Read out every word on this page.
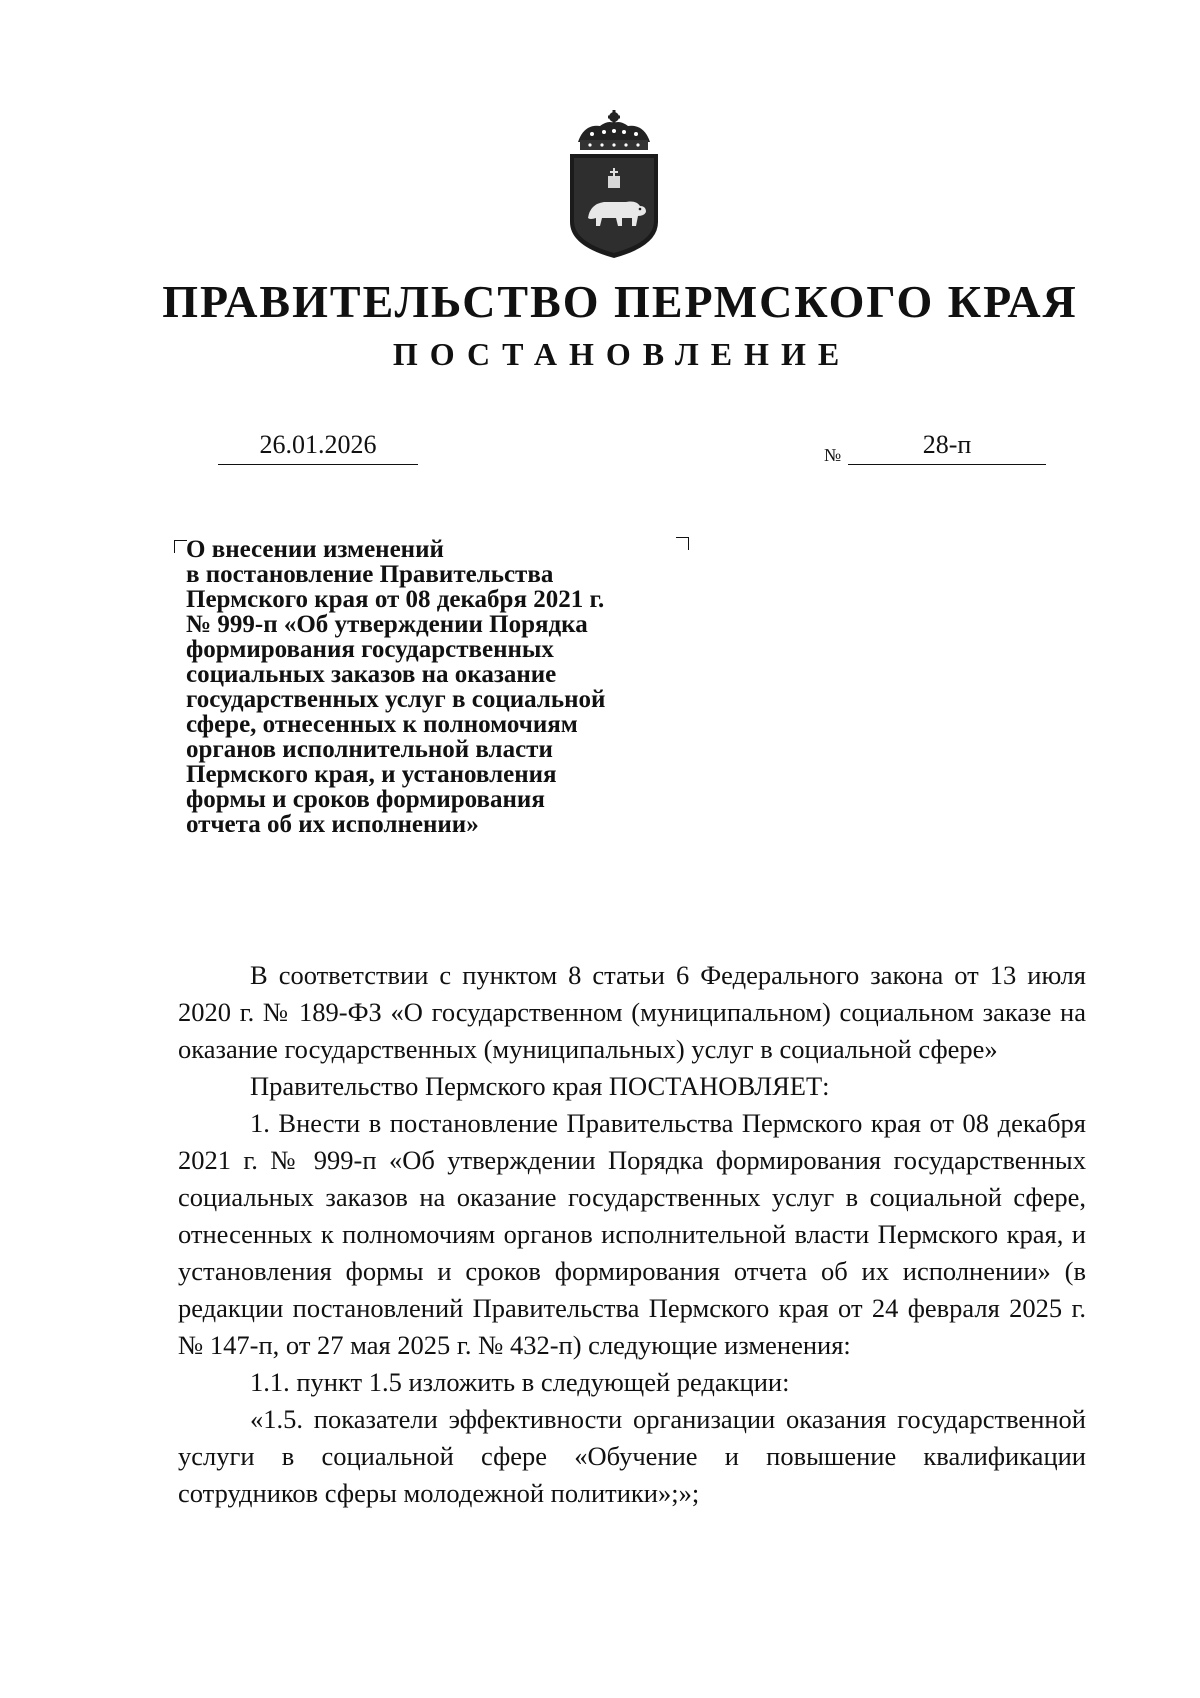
ПРАВИТЕЛЬСТВО ПЕРМСКОГО КРАЯ
ПОСТАНОВЛЕНИЕ
26.01.2026	№	28-п
О внесении изменений
в постановление Правительства
Пермского края от 08 декабря 2021 г.
№ 999-п «Об утверждении Порядка
формирования государственных
социальных заказов на оказание
государственных услуг в социальной
сфере, отнесенных к полномочиям
органов исполнительной власти
Пермского края, и установления
формы и сроков формирования
отчета об их исполнении»

В соответствии с пунктом 8 статьи 6 Федерального закона от 13 июля 2020 г. № 189-ФЗ «О государственном (муниципальном) социальном заказе на оказание государственных (муниципальных) услуг в социальной сфере»

Правительство Пермского края ПОСТАНОВЛЯЕТ:

1. Внести в постановление Правительства Пермского края от 08 декабря 2021 г. № 999-п «Об утверждении Порядка формирования государственных социальных заказов на оказание государственных услуг в социальной сфере, отнесенных к полномочиям органов исполнительной власти Пермского края, и установления формы и сроков формирования отчета об их исполнении» (в редакции постановлений Правительства Пермского края от 24 февраля 2025 г. № 147-п, от 27 мая 2025 г. № 432-п) следующие изменения:

1.1. пункт 1.5 изложить в следующей редакции:

«1.5. показатели эффективности организации оказания государственной услуги в социальной сфере «Обучение и повышение квалификации сотрудников сферы молодежной политики»;»;
